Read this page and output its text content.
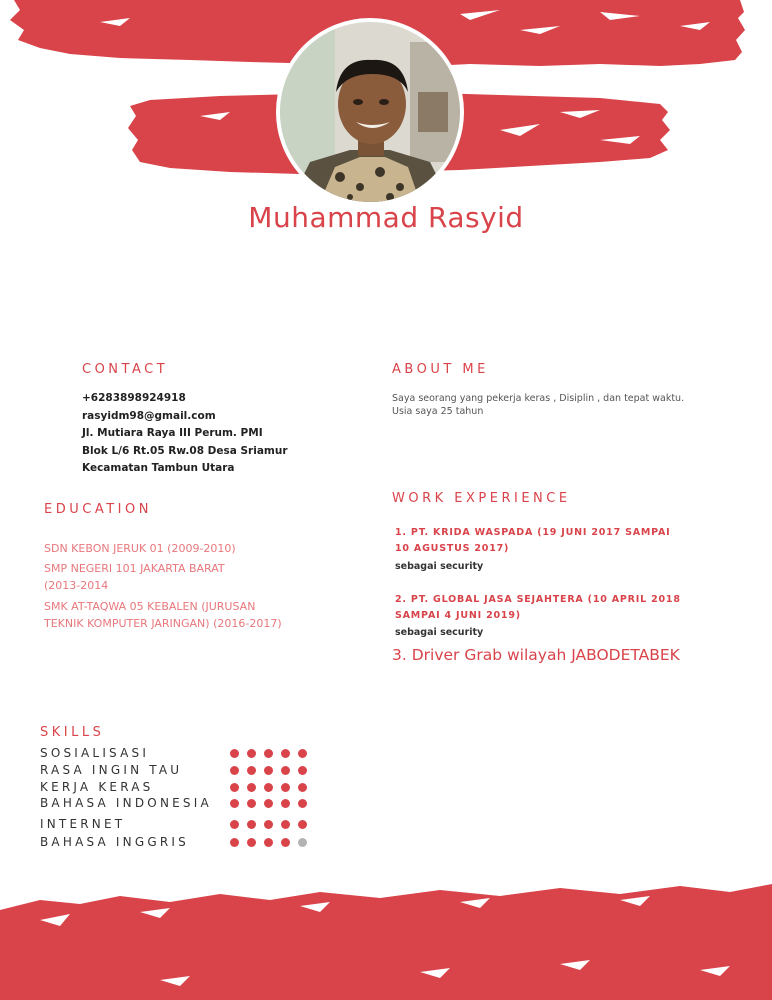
Muhammad Rasyid
CONTACT
+6283898924918
rasyidm98@gmail.com
Jl. Mutiara Raya III Perum. PMI
Blok L/6 Rt.05 Rw.08 Desa Sriamur
Kecamatan Tambun Utara
ABOUT ME
Saya seorang yang pekerja keras , Disiplin , dan tepat waktu.
Usia saya 25 tahun
EDUCATION
SDN KEBON JERUK 01 (2009-2010)
SMP NEGERI 101 JAKARTA BARAT (2013-2014
SMK AT-TAQWA 05 KEBALEN (JURUSAN TEKNIK KOMPUTER JARINGAN) (2016-2017)
WORK EXPERIENCE
1. PT. KRIDA WASPADA (19 JUNI 2017 SAMPAI 10 AGUSTUS 2017)
sebagai security
2. PT. GLOBAL JASA SEJAHTERA (10 APRIL 2018 SAMPAI 4 JUNI 2019)
sebagai security
3. Driver Grab wilayah JABODETABEK
SKILLS
SOSIALISASI
RASA INGIN TAU
KERJA KERAS
BAHASA INDONESIA
INTERNET
BAHASA INGGRIS
